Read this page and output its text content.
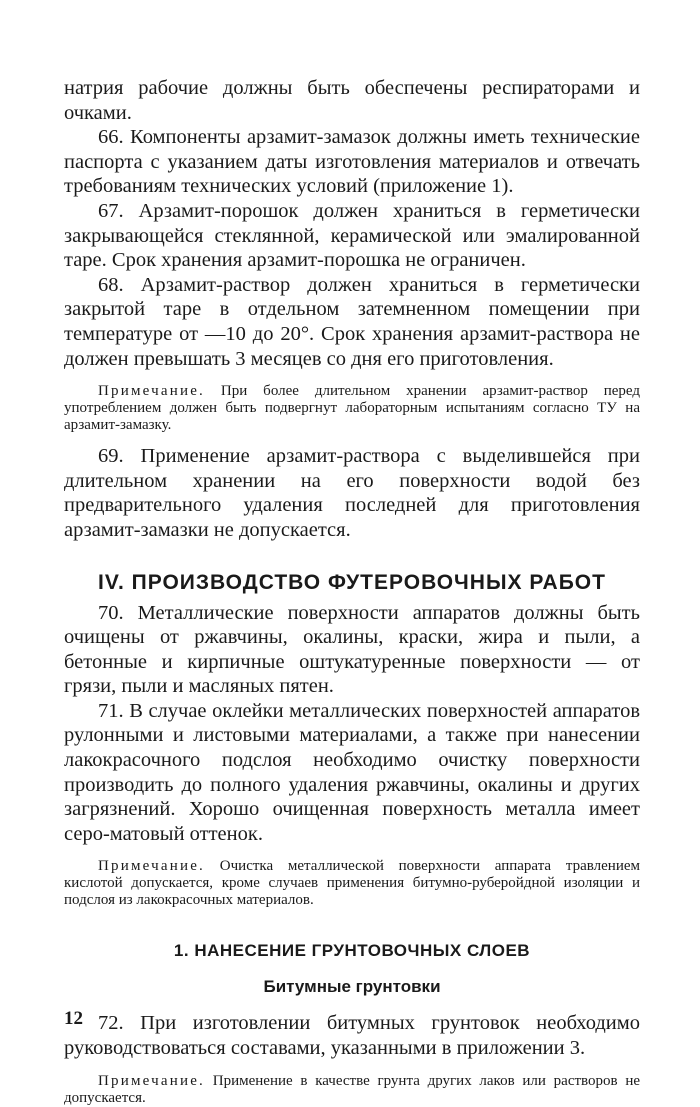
натрия рабочие должны быть обеспечены респираторами и очками.

66. Компоненты арзамит-замазок должны иметь технические паспорта с указанием даты изготовления материалов и отвечать требованиям технических условий (приложение 1).

67. Арзамит-порошок должен храниться в герметически закрывающейся стеклянной, керамической или эмалированной таре. Срок хранения арзамит-порошка не ограничен.

68. Арзамит-раствор должен храниться в герметически закрытой таре в отдельном затемненном помещении при температуре от —10 до 20°. Срок хранения арзамит-раствора не должен превышать 3 месяцев со дня его приготовления.

Примечание. При более длительном хранении арзамит-раствор перед употреблением должен быть подвергнут лабораторным испытаниям согласно ТУ на арзамит-замазку.

69. Применение арзамит-раствора с выделившейся при длительном хранении на его поверхности водой без предварительного удаления последней для приготовления арзамит-замазки не допускается.

IV. ПРОИЗВОДСТВО ФУТЕРОВОЧНЫХ РАБОТ

70. Металлические поверхности аппаратов должны быть очищены от ржавчины, окалины, краски, жира и пыли, а бетонные и кирпичные оштукатуренные поверхности — от грязи, пыли и масляных пятен.

71. В случае оклейки металлических поверхностей аппаратов рулонными и листовыми материалами, а также при нанесении лакокрасочного подслоя необходимо очистку поверхности производить до полного удаления ржавчины, окалины и других загрязнений. Хорошо очищенная поверхность металла имеет серо-матовый оттенок.

Примечание. Очистка металлической поверхности аппарата травлением кислотой допускается, кроме случаев применения битумно-руберойдной изоляции и подслоя из лакокрасочных материалов.

1. НАНЕСЕНИЕ ГРУНТОВОЧНЫХ СЛОЕВ
Битумные грунтовки

72. При изготовлении битумных грунтовок необходимо руководствоваться составами, указанными в приложении 3.

Примечание. Применение в качестве грунта других лаков или растворов не допускается.

12
